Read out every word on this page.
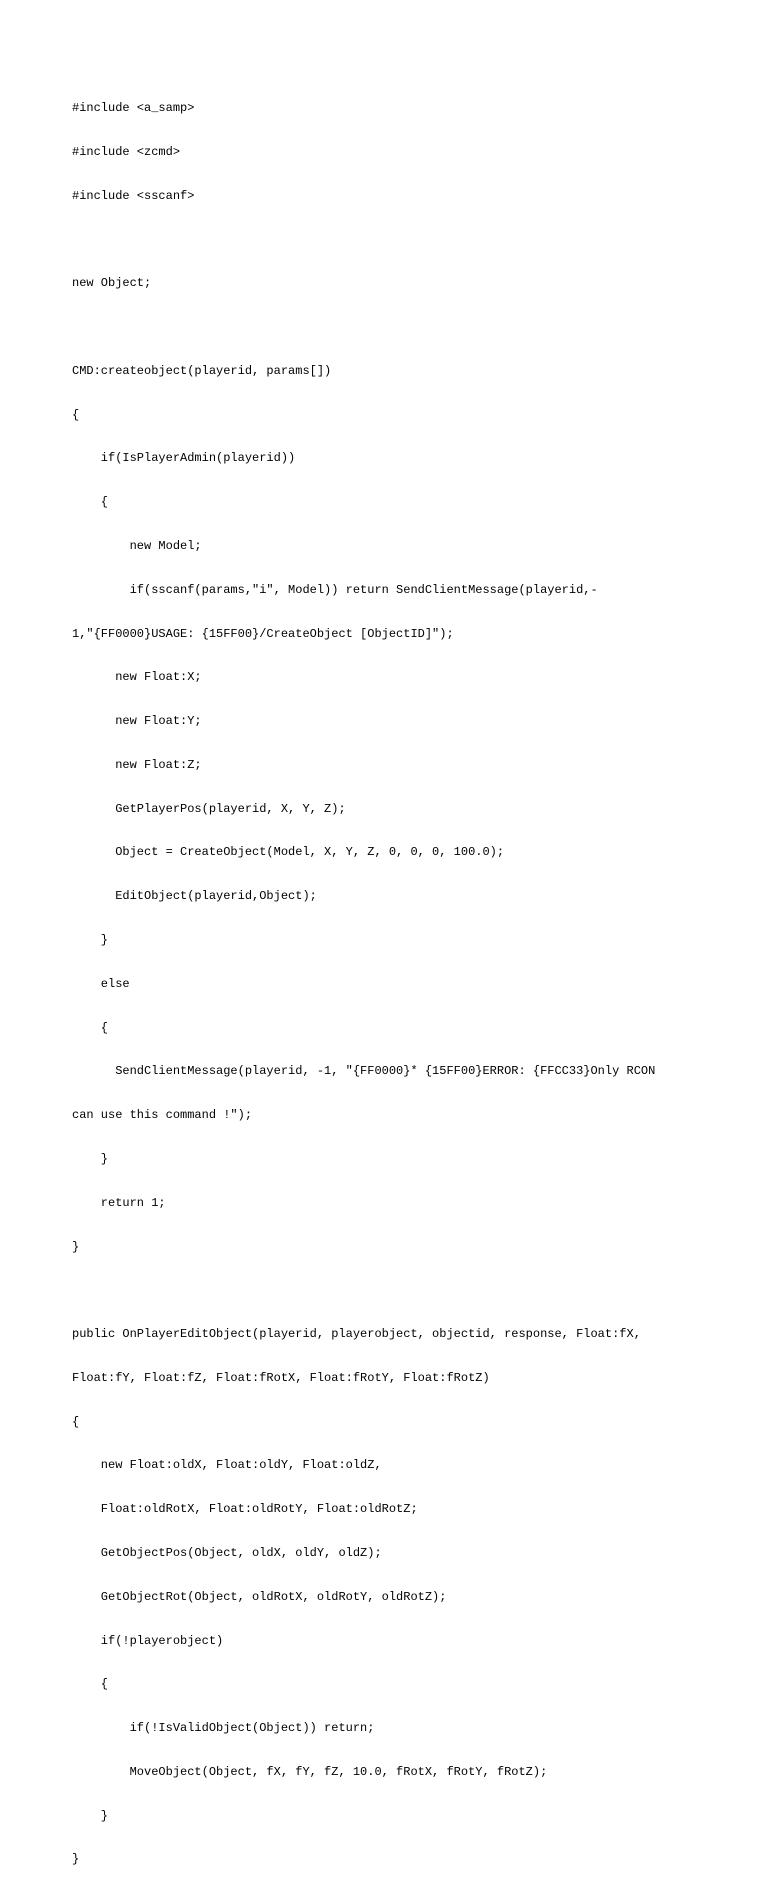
#include <a_samp>

#include <zcmd>

#include <sscanf>

new Object;

CMD:createobject(playerid, params[])

{

if(IsPlayerAdmin(playerid))

{

new Model;

if(sscanf(params,"i", Model)) return SendClientMessage(playerid,-

1,"{FF0000}USAGE: {15FF00}/CreateObject [ObjectID]");

new Float:X;

new Float:Y;

new Float:Z;

GetPlayerPos(playerid, X, Y, Z);

Object = CreateObject(Model, X, Y, Z, 0, 0, 0, 100.0);

EditObject(playerid,Object);

}

else

{

SendClientMessage(playerid, -1, "{FF0000}* {15FF00}ERROR: {FFCC33}Only RCON

can use this command !");

}

return 1;

}

public OnPlayerEditObject(playerid, playerobject, objectid, response, Float:fX,

Float:fY, Float:fZ, Float:fRotX, Float:fRotY, Float:fRotZ)

{

new Float:oldX, Float:oldY, Float:oldZ,

Float:oldRotX, Float:oldRotY, Float:oldRotZ;

GetObjectPos(Object, oldX, oldY, oldZ);

GetObjectRot(Object, oldRotX, oldRotY, oldRotZ);

if(!playerobject)

{

if(!IsValidObject(Object)) return;

MoveObject(Object, fX, fY, fZ, 10.0, fRotX, fRotY, fRotZ);

}

}
